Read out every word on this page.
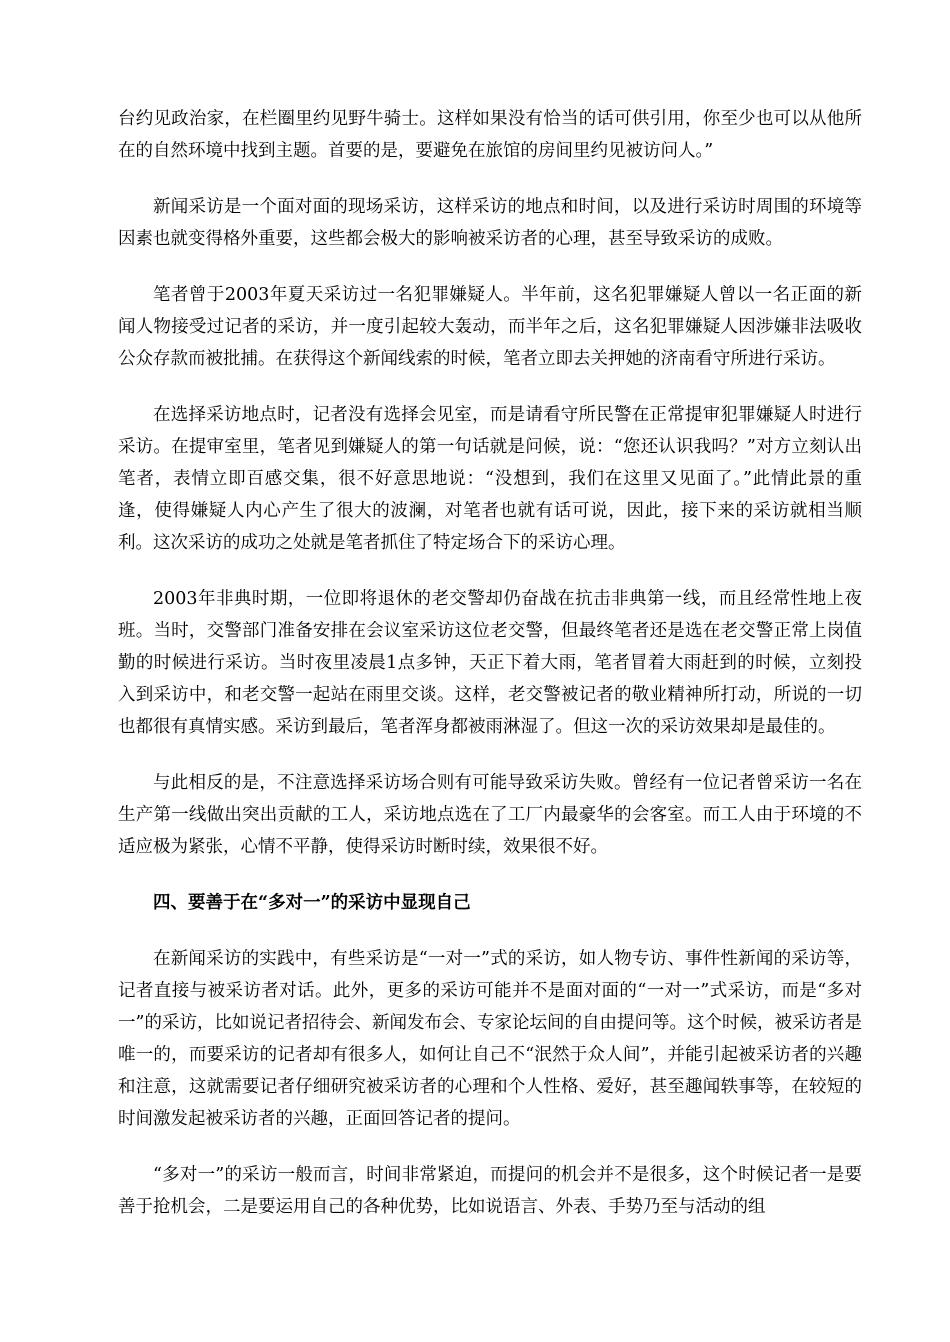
台约见政治家，在栏圈里约见野牛骑士。这样如果没有恰当的话可供引用，你至少也可以从他所在的自然环境中找到主题。首要的是，要避免在旅馆的房间里约见被访问人。”

新闻采访是一个面对面的现场采访，这样采访的地点和时间，以及进行采访时周围的环境等因素也就变得格外重要，这些都会极大的影响被采访者的心理，甚至导致采访的成败。

笔者曾于2003年夏天采访过一名犯罪嫌疑人。半年前，这名犯罪嫌疑人曾以一名正面的新闻人物接受过记者的采访，并一度引起较大轰动，而半年之后，这名犯罪嫌疑人因涉嫌非法吸收公众存款而被批捕。在获得这个新闻线索的时候，笔者立即去关押她的济南看守所进行采访。

在选择采访地点时，记者没有选择会见室，而是请看守所民警在正常提审犯罪嫌疑人时进行采访。在提审室里，笔者见到嫌疑人的第一句话就是问候，说：“您还认识我吗？”对方立刻认出笔者，表情立即百感交集，很不好意思地说：“没想到，我们在这里又见面了。”此情此景的重逢，使得嫌疑人内心产生了很大的波澜，对笔者也就有话可说，因此，接下来的采访就相当顺利。这次采访的成功之处就是笔者抓住了特定场合下的采访心理。

2003年非典时期，一位即将退休的老交警却仍奋战在抗击非典第一线，而且经常性地上夜班。当时，交警部门准备安排在会议室采访这位老交警，但最终笔者还是选在老交警正常上岗值勤的时候进行采访。当时夜里凌晨1点多钟，天正下着大雨，笔者冒着大雨赶到的时候，立刻投入到采访中，和老交警一起站在雨里交谈。这样，老交警被记者的敬业精神所打动，所说的一切也都很有真情实感。采访到最后，笔者浑身都被雨淋湿了。但这一次的采访效果却是最佳的。

与此相反的是，不注意选择采访场合则有可能导致采访失败。曾经有一位记者曾采访一名在生产第一线做出突出贡献的工人，采访地点选在了工厂内最豪华的会客室。而工人由于环境的不适应极为紧张，心情不平静，使得采访时断时续，效果很不好。

四、要善于在“多对一”的采访中显现自己

在新闻采访的实践中，有些采访是“一对一”式的采访，如人物专访、事件性新闻的采访等，记者直接与被采访者对话。此外，更多的采访可能并不是面对面的“一对一”式采访，而是“多对一”的采访，比如说记者招待会、新闻发布会、专家论坛间的自由提问等。这个时候，被采访者是唯一的，而要采访的记者却有很多人，如何让自己不“泯然于众人间”，并能引起被采访者的兴趣和注意，这就需要记者仔细研究被采访者的心理和个人性格、爱好，甚至趣闻轶事等，在较短的时间激发起被采访者的兴趣，正面回答记者的提问。

“多对一”的采访一般而言，时间非常紧迫，而提问的机会并不是很多，这个时候记者一是要善于抢机会，二是要运用自己的各种优势，比如说语言、外表、手势乃至与活动的组
